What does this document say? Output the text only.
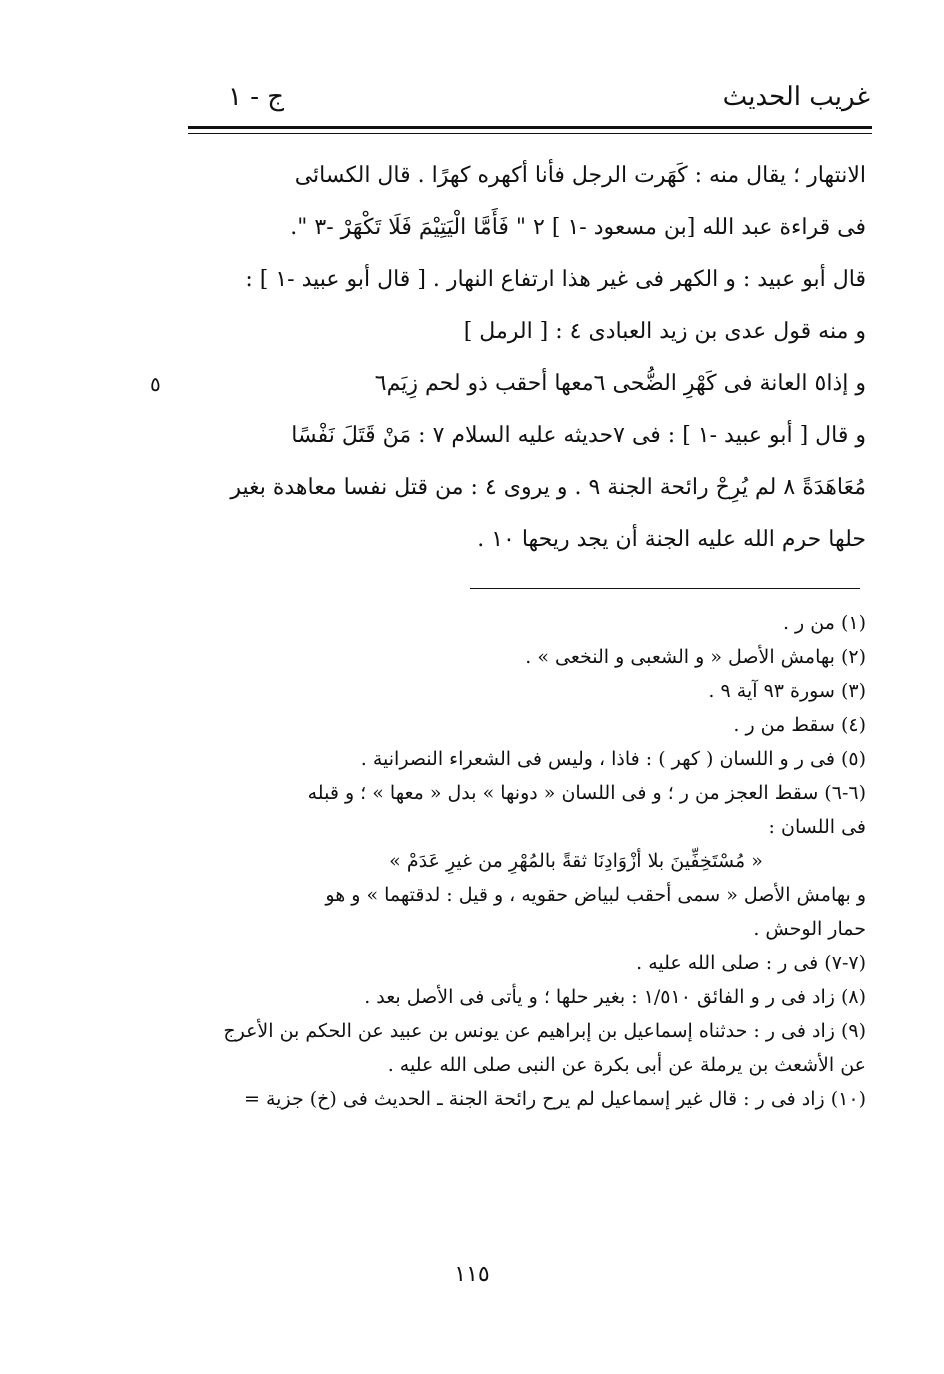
غريب الحديث
ج - ١
الانتهار ؛ يقال منه : كَهَرت الرجل فأنا أكهره كهرًا . قال الكسائى
فى قراءة عبد الله [بن مسعود -١ ] ٢ " فَأَمَّا الْيَتِيْمَ فَلَا تَكْهَرْ -٣ ".
قال أبو عبيد : و الكهر فى غير هذا ارتفاع النهار . [ قال أبو عبيد -١ ] :
و منه قول عدى بن زيد العبادى ٤ : [ الرمل ]
و إذا٥ العانة فى كَهْرِ الضُّحى ٦معها أحقب ذو لحم زِيَم٦
٥
و قال [ أبو عبيد -١ ] : فى ٧حديثه عليه السلام ٧ : مَنْ قَتَلَ نَفْسًا
مُعَاهَدَةً ٨ لم يُرِحْ رائحة الجنة ٩ . و يروى ٤ : من قتل نفسا معاهدة بغير
حلها حرم الله عليه الجنة أن يجد ريحها ١٠ .
(١) من ر .
(٢) بهامش الأصل « و الشعبى و النخعى » .
(٣) سورة ٩٣ آية ٩ .
(٤) سقط من ر .
(٥) فى ر و اللسان ( كهر ) : فاذا ، وليس فى الشعراء النصرانية .
(٦-٦) سقط العجز من ر ؛ و فى اللسان « دونها » بدل « معها » ؛ و قبله
فى اللسان :
« مُسْتَخِفِّينَ بلا أزْوَادِنَا ثقةً بالمُهْرِ من غيرِ عَدَمْ »
و بهامش الأصل « سمى أحقب لبياض حقويه ، و قيل : لدقتهما » و هو
حمار الوحش .
(٧-٧) فى ر : صلى الله عليه .
(٨) زاد فى ر و الفائق ١/٥١٠ : بغير حلها ؛ و يأتى فى الأصل بعد .
(٩) زاد فى ر : حدثناه إسماعيل بن إبراهيم عن يونس بن عبيد عن الحكم بن الأعرج
عن الأشعث بن يرملة عن أبى بكرة عن النبى صلى الله عليه .
(١٠) زاد فى ر : قال غير إسماعيل لم يرح رائحة الجنة ـ الحديث فى (خ) جزية =
١١٥
